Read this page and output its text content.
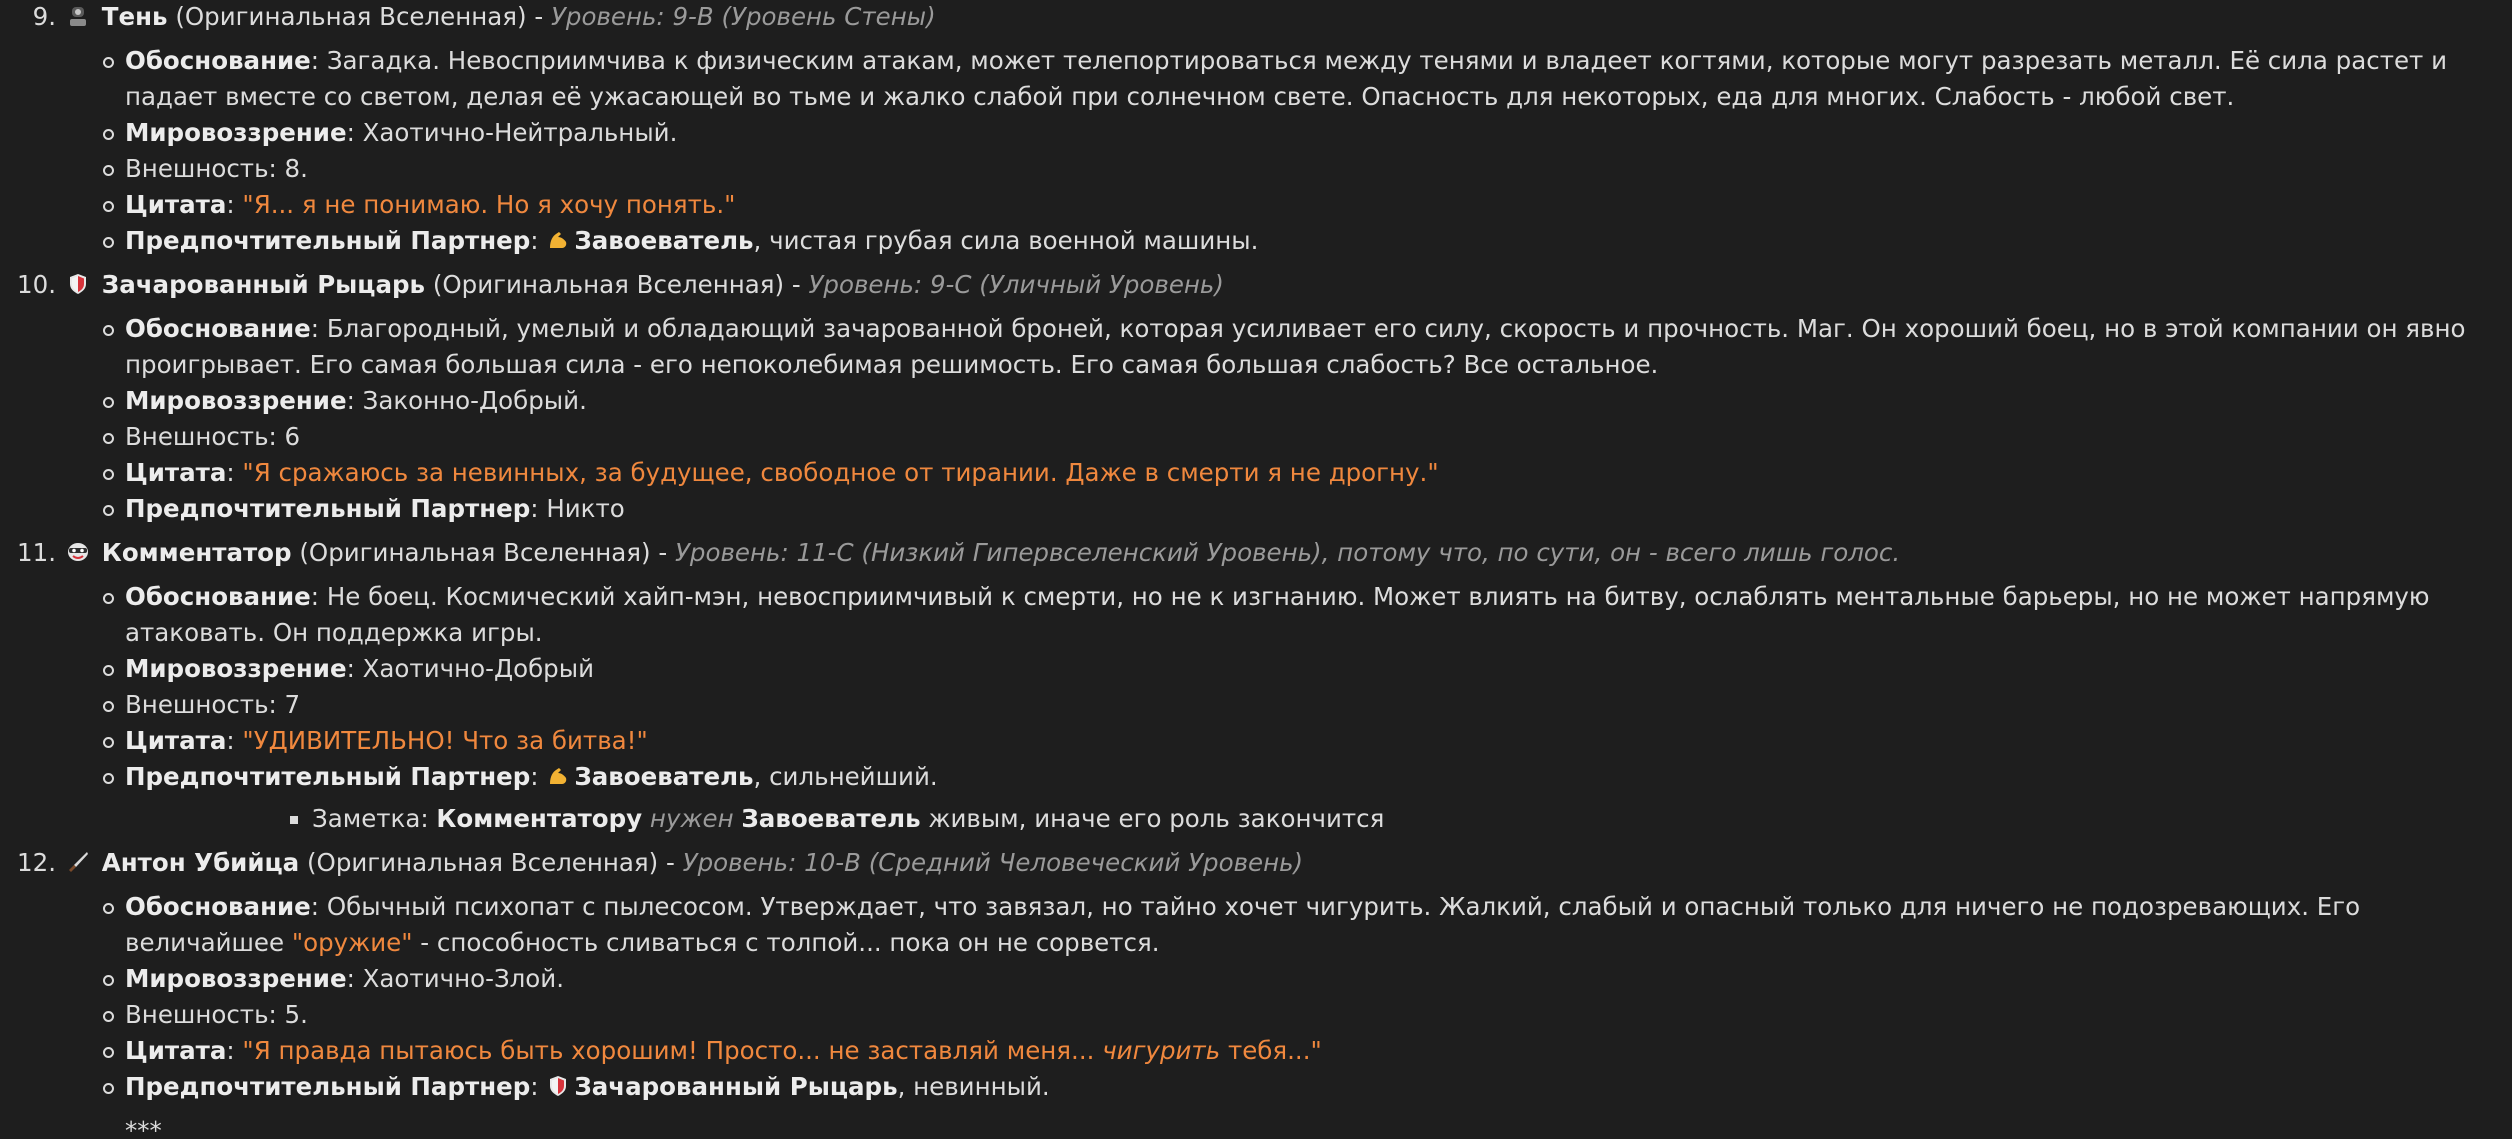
9. Тень (Оригинальная Вселенная) - Уровень: 9-B (Уровень Стены)
Обоснование: Загадка. Невосприимчива к физическим атакам, может телепортироваться между тенями и владеет когтями, которые могут разрезать металл. Её сила растет и падает вместе со светом, делая её ужасающей во тьме и жалко слабой при солнечном свете. Опасность для некоторых, еда для многих. Слабость - любой свет.
Мировоззрение: Хаотично-Нейтральный.
Внешность: 8.
Цитата: "Я... я не понимаю. Но я хочу понять."
Предпочтительный Партнер: Завоеватель, чистая грубая сила военной машины.
10. Зачарованный Рыцарь (Оригинальная Вселенная) - Уровень: 9-C (Уличный Уровень)
Обоснование: Благородный, умелый и обладающий зачарованной броней, которая усиливает его силу, скорость и прочность. Маг. Он хороший боец, но в этой компании он явно проигрывает. Его самая большая сила - его непоколебимая решимость. Его самая большая слабость? Все остальное.
Мировоззрение: Законно-Добрый.
Внешность: 6
Цитата: "Я сражаюсь за невинных, за будущее, свободное от тирании. Даже в смерти я не дрогну."
Предпочтительный Партнер: Никто
11. Комментатор (Оригинальная Вселенная) - Уровень: 11-C (Низкий Гипервселенский Уровень), потому что, по сути, он - всего лишь голос.
Обоснование: Не боец. Космический хайп-мэн, невосприимчивый к смерти, но не к изгнанию. Может влиять на битву, ослаблять ментальные барьеры, но не может напрямую атаковать. Он поддержка игры.
Мировоззрение: Хаотично-Добрый
Внешность: 7
Цитата: "УДИВИТЕЛЬНО! Что за битва!"
Предпочтительный Партнер: Завоеватель, сильнейший.
Заметка: Комментатору нужен Завоеватель живым, иначе его роль закончится
12. Антон Убийца (Оригинальная Вселенная) - Уровень: 10-B (Средний Человеческий Уровень)
Обоснование: Обычный психопат с пылесосом. Утверждает, что завязал, но тайно хочет чигурить. Жалкий, слабый и опасный только для ничего не подозревающих. Его величайшее "оружие" - способность сливаться с толпой... пока он не сорвется.
Мировоззрение: Хаотично-Злой.
Внешность: 5.
Цитата: "Я правда пытаюсь быть хорошим! Просто... не заставляй меня... чигурить тебя..."
Предпочтительный Партнер: Зачарованный Рыцарь, невинный.
***
